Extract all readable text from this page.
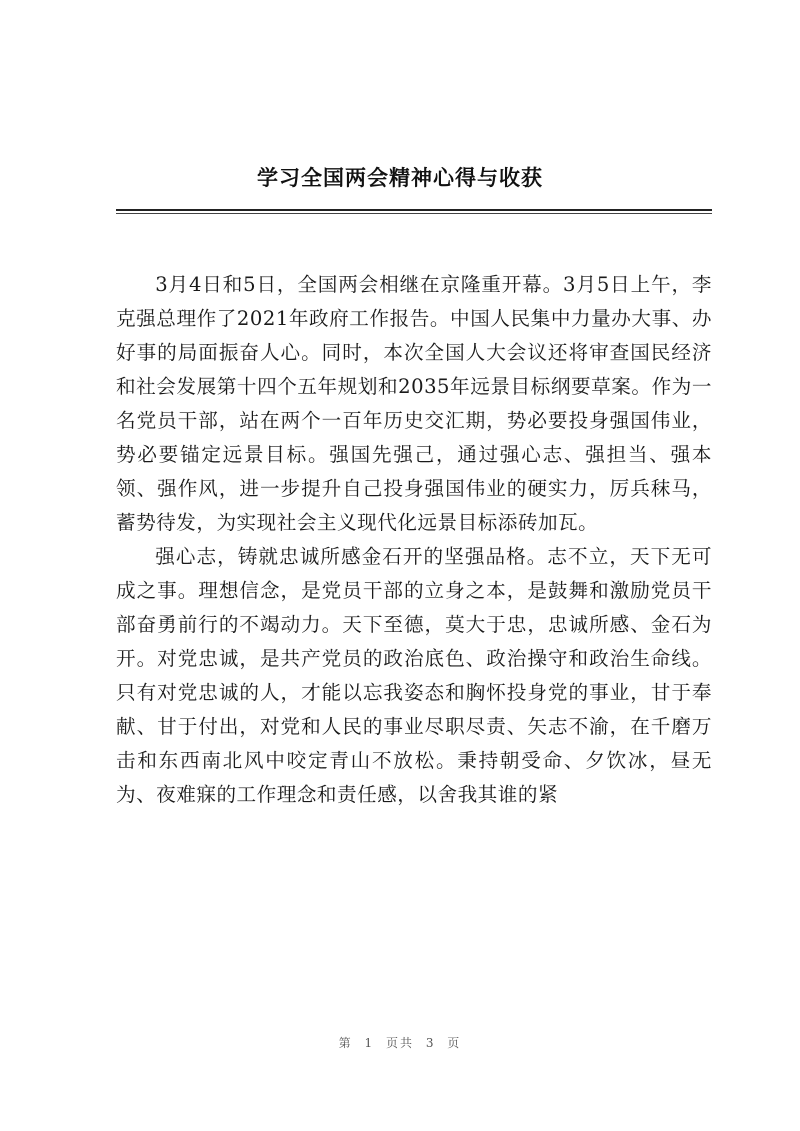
学习全国两会精神心得与收获

3月4日和5日，全国两会相继在京隆重开幕。3月5日上午，李克强总理作了2021年政府工作报告。中国人民集中力量办大事、办好事的局面振奋人心。同时，本次全国人大会议还将审查国民经济和社会发展第十四个五年规划和2035年远景目标纲要草案。作为一名党员干部，站在两个一百年历史交汇期，势必要投身强国伟业，势必要锚定远景目标。强国先强己，通过强心志、强担当、强本领、强作风，进一步提升自己投身强国伟业的硬实力，厉兵秣马，蓄势待发，为实现社会主义现代化远景目标添砖加瓦。

强心志，铸就忠诚所感金石开的坚强品格。志不立，天下无可成之事。理想信念，是党员干部的立身之本，是鼓舞和激励党员干部奋勇前行的不竭动力。天下至德，莫大于忠，忠诚所感、金石为开。对党忠诚，是共产党员的政治底色、政治操守和政治生命线。只有对党忠诚的人，才能以忘我姿态和胸怀投身党的事业，甘于奉献、甘于付出，对党和人民的事业尽职尽责、矢志不渝，在千磨万击和东西南北风中咬定青山不放松。秉持朝受命、夕饮冰，昼无为、夜难寐的工作理念和责任感，以舍我其谁的紧

第 1 页共 3 页
